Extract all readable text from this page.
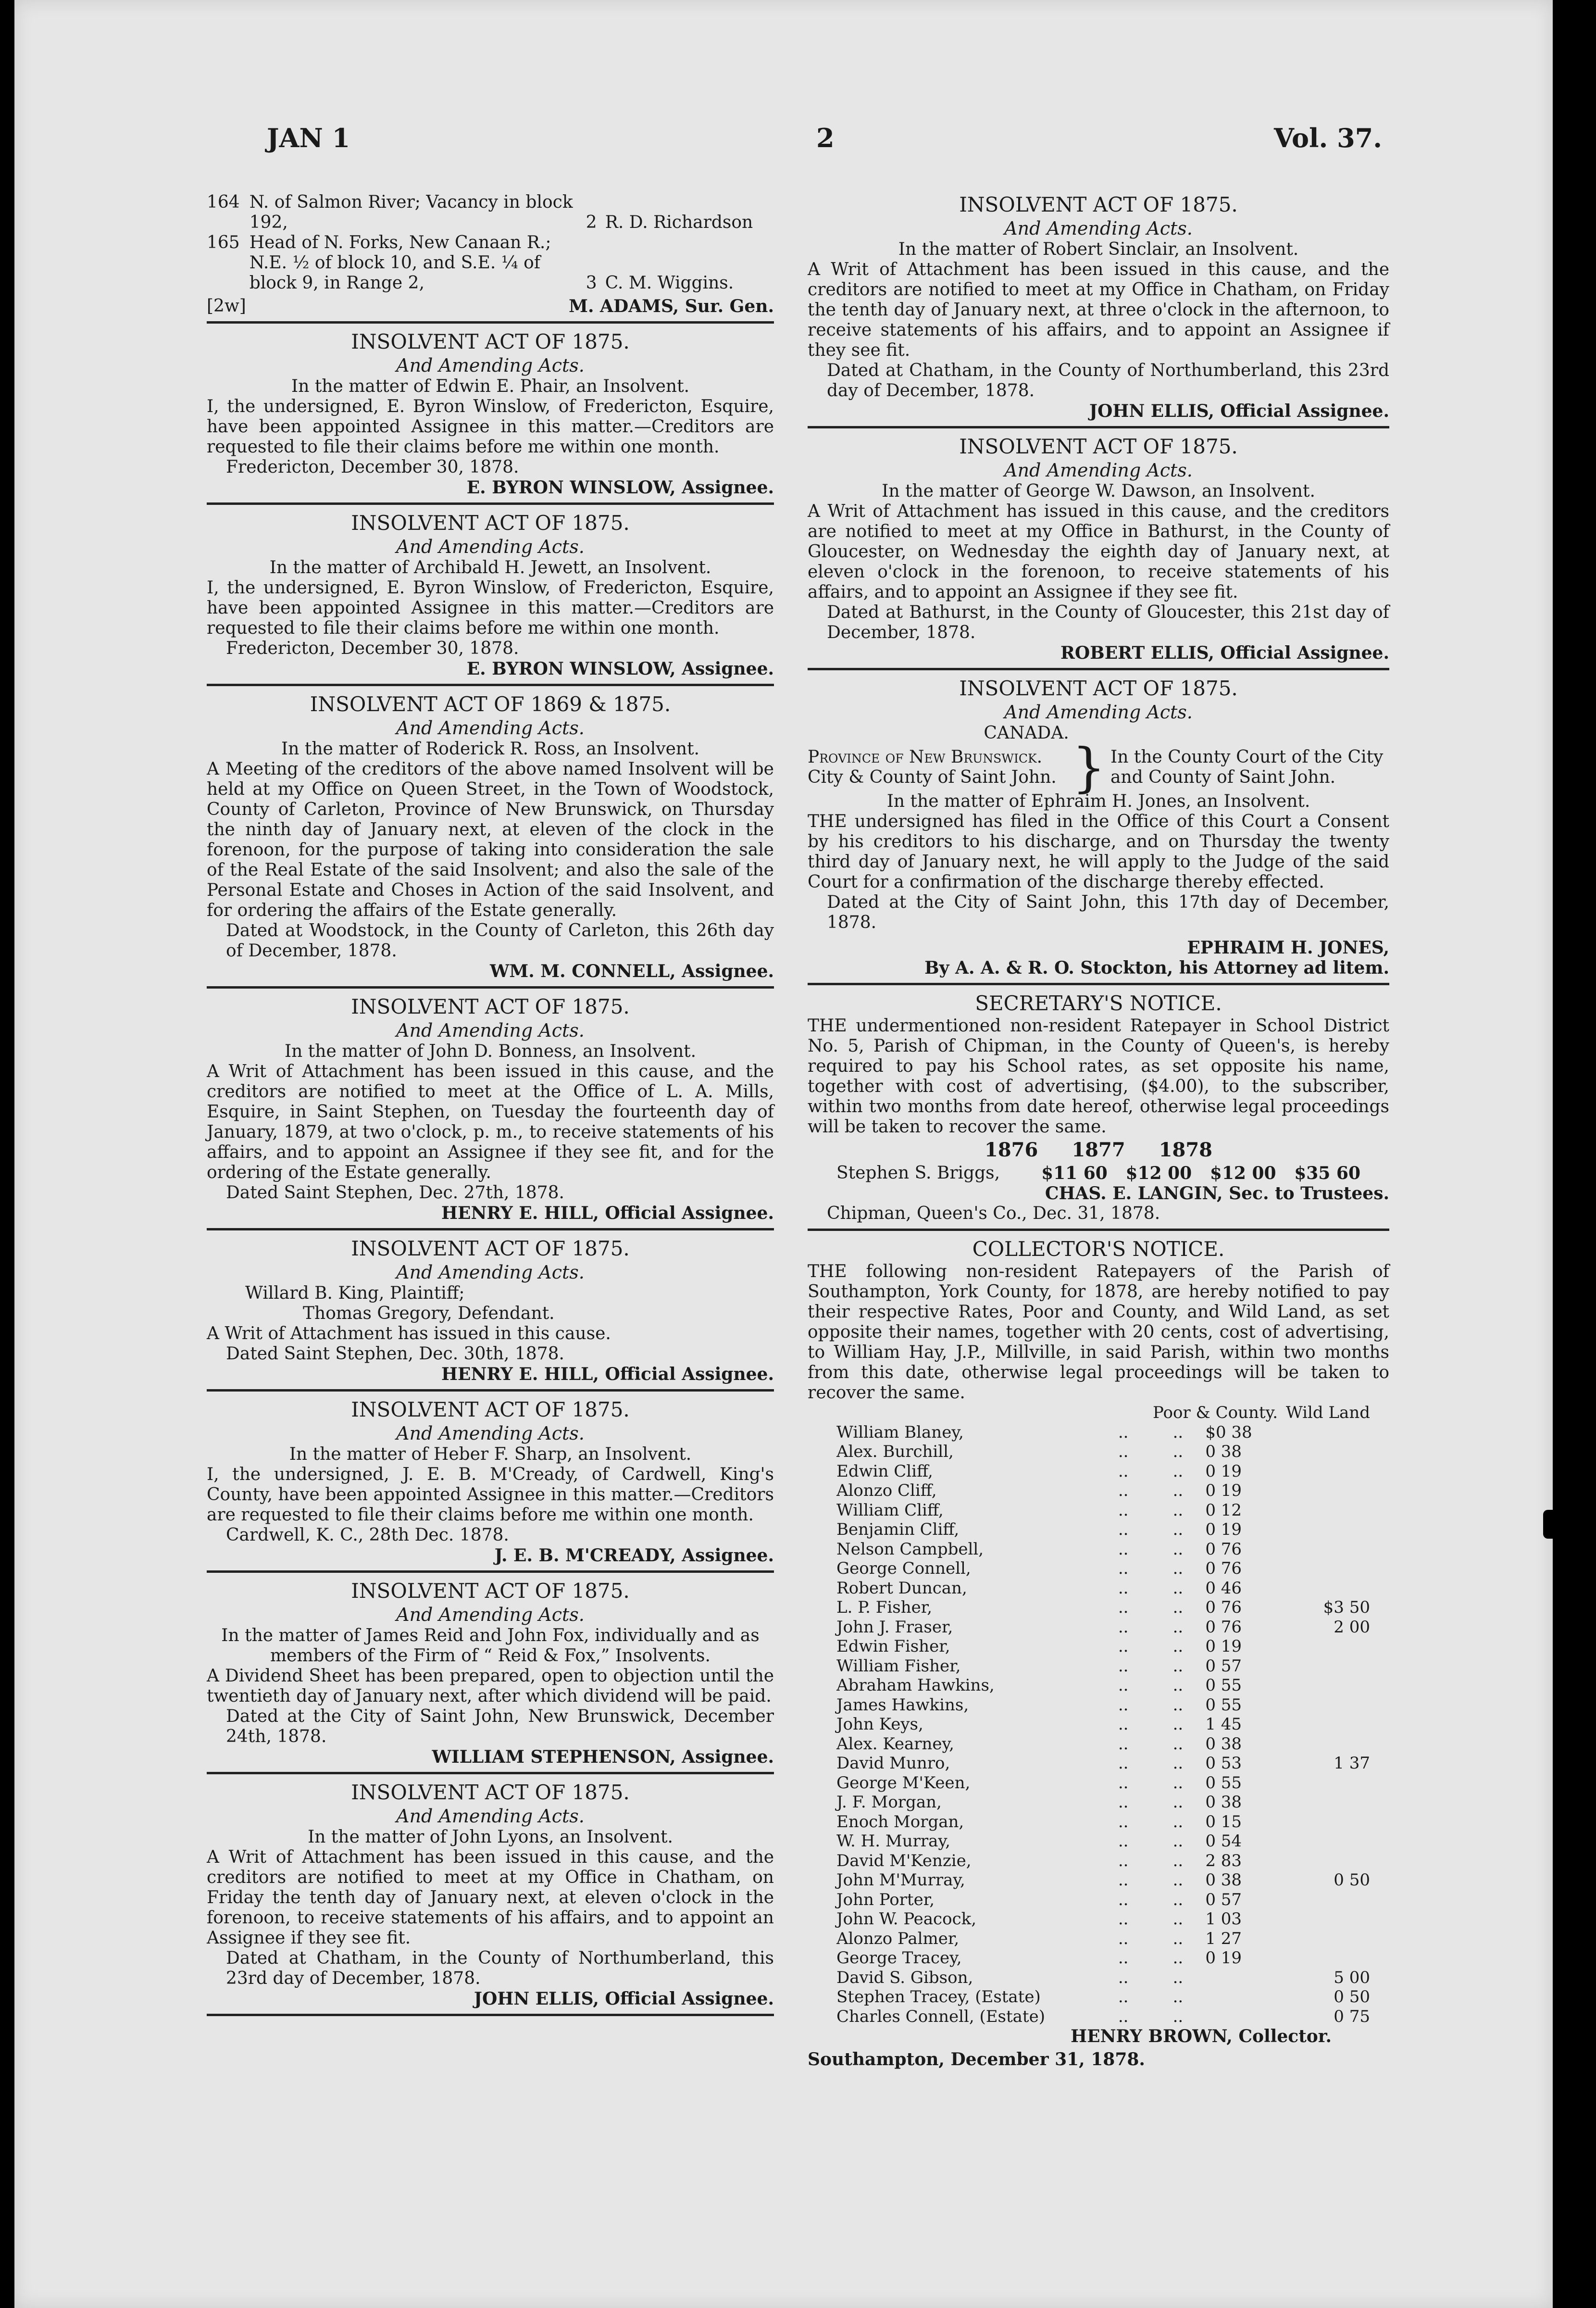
JAN 1	2	Vol. 37.
164	N. of Salmon River; Vacancy in block 192,	2	R. D. Richardson
165	Head of N. Forks, New Canaan R.; N.E. ½ of block 10, and S.E. ¼ of block 9, in Range 2,	3	C. M. Wiggins.
[2w]	M. ADAMS, Sur. Gen.

INSOLVENT ACT OF 1875.

And Amending Acts.

In the matter of Edwin E. Phair, an Insolvent.

I, the undersigned, E. Byron Winslow, of Fredericton, Esquire, have been appointed Assignee in this matter.—Creditors are requested to file their claims before me within one month.

Fredericton, December 30, 1878.

E. BYRON WINSLOW, Assignee.

INSOLVENT ACT OF 1875.

And Amending Acts.

In the matter of Archibald H. Jewett, an Insolvent.

I, the undersigned, E. Byron Winslow, of Fredericton, Esquire, have been appointed Assignee in this matter.—Creditors are requested to file their claims before me within one month.

Fredericton, December 30, 1878.

E. BYRON WINSLOW, Assignee.

INSOLVENT ACT OF 1869 & 1875.

And Amending Acts.

In the matter of Roderick R. Ross, an Insolvent.

A Meeting of the creditors of the above named Insolvent will be held at my Office on Queen Street, in the Town of Woodstock, County of Carleton, Province of New Brunswick, on Thursday the ninth day of January next, at eleven of the clock in the forenoon, for the purpose of taking into consideration the sale of the Real Estate of the said Insolvent; and also the sale of the Personal Estate and Choses in Action of the said Insolvent, and for ordering the affairs of the Estate generally.

Dated at Woodstock, in the County of Carleton, this 26th day of December, 1878.

WM. M. CONNELL, Assignee.

INSOLVENT ACT OF 1875.

And Amending Acts.

In the matter of John D. Bonness, an Insolvent.

A Writ of Attachment has been issued in this cause, and the creditors are notified to meet at the Office of L. A. Mills, Esquire, in Saint Stephen, on Tuesday the fourteenth day of January, 1879, at two o'clock, p. m., to receive statements of his affairs, and to appoint an Assignee if they see fit, and for the ordering of the Estate generally.

Dated Saint Stephen, Dec. 27th, 1878.

HENRY E. HILL, Official Assignee.

INSOLVENT ACT OF 1875.

And Amending Acts.

Willard B. King, Plaintiff;

Thomas Gregory, Defendant.

A Writ of Attachment has issued in this cause.

Dated Saint Stephen, Dec. 30th, 1878.

HENRY E. HILL, Official Assignee.

INSOLVENT ACT OF 1875.

And Amending Acts.

In the matter of Heber F. Sharp, an Insolvent.

I, the undersigned, J. E. B. M'Cready, of Cardwell, King's County, have been appointed Assignee in this matter.—Creditors are requested to file their claims before me within one month.

Cardwell, K. C., 28th Dec. 1878.

J. E. B. M'CREADY, Assignee.

INSOLVENT ACT OF 1875.

And Amending Acts.

In the matter of James Reid and John Fox, individually and as members of the Firm of “ Reid & Fox,” Insolvents.

A Dividend Sheet has been prepared, open to objection until the twentieth day of January next, after which dividend will be paid.

Dated at the City of Saint John, New Brunswick, December 24th, 1878.

WILLIAM STEPHENSON, Assignee.

INSOLVENT ACT OF 1875.

And Amending Acts.

In the matter of John Lyons, an Insolvent.

A Writ of Attachment has been issued in this cause, and the creditors are notified to meet at my Office in Chatham, on Friday the tenth day of January next, at eleven o'clock in the forenoon, to receive statements of his affairs, and to appoint an Assignee if they see fit.

Dated at Chatham, in the County of Northumberland, this 23rd day of December, 1878.

JOHN ELLIS, Official Assignee.

INSOLVENT ACT OF 1875.

And Amending Acts.

In the matter of Robert Sinclair, an Insolvent.

A Writ of Attachment has been issued in this cause, and the creditors are notified to meet at my Office in Chatham, on Friday the tenth day of January next, at three o'clock in the afternoon, to receive statements of his affairs, and to appoint an Assignee if they see fit.

Dated at Chatham, in the County of Northumberland, this 23rd day of December, 1878.

JOHN ELLIS, Official Assignee.

INSOLVENT ACT OF 1875.

And Amending Acts.

In the matter of George W. Dawson, an Insolvent.

A Writ of Attachment has issued in this cause, and the creditors are notified to meet at my Office in Bathurst, in the County of Gloucester, on Wednesday the eighth day of January next, at eleven o'clock in the forenoon, to receive statements of his affairs, and to appoint an Assignee if they see fit.

Dated at Bathurst, in the County of Gloucester, this 21st day of December, 1878.

ROBERT ELLIS, Official Assignee.

INSOLVENT ACT OF 1875.

And Amending Acts.

CANADA.

Province of New Brunswick.

City & County of Saint John. } In the County Court of the City

and County of Saint John.

In the matter of Ephraim H. Jones, an Insolvent.

THE undersigned has filed in the Office of this Court a Consent by his creditors to his discharge, and on Thursday the twenty third day of January next, he will apply to the Judge of the said Court for a confirmation of the discharge thereby effected.

Dated at the City of Saint John, this 17th day of December, 1878.

EPHRAIM H. JONES,

By A. A. & R. O. Stockton, his Attorney ad litem.

SECRETARY'S NOTICE.

THE undermentioned non-resident Ratepayer in School District No. 5, Parish of Chipman, in the County of Queen's, is hereby required to pay his School rates, as set opposite his name, together with cost of advertising, ($4.00), to the subscriber, within two months from date hereof, otherwise legal proceedings will be taken to recover the same.

1876 1877 1878
Stephen S. Briggs, $11 60   $12 00   $12 00   $35 60

CHAS. E. LANGIN, Sec. to Trustees.

Chipman, Queen's Co., Dec. 31, 1878.

COLLECTOR'S NOTICE.

THE following non-resident Ratepayers of the Parish of Southampton, York County, for 1878, are hereby notified to pay their respective Rates, Poor and County, and Wild Land, as set opposite their names, together with 20 cents, cost of advertising, to William Hay, J.P., Millville, in said Parish, within two months from this date, otherwise legal proceedings will be taken to recover the same.

		Poor & County.		Wild Land
William Blaney,	..	..	$0 38	
Alex. Burchill,	..	..	0 38	
Edwin Cliff,	..	..	0 19	
Alonzo Cliff,	..	..	0 19	
William Cliff,	..	..	0 12	
Benjamin Cliff,	..	..	0 19	
Nelson Campbell,	..	..	0 76	
George Connell,	..	..	0 76	
Robert Duncan,	..	..	0 46	
L. P. Fisher,	..	..	0 76	$3 50
John J. Fraser,	..	..	0 76	2 00
Edwin Fisher,	..	..	0 19	
William Fisher,	..	..	0 57	
Abraham Hawkins,	..	..	0 55	
James Hawkins,	..	..	0 55	
John Keys,	..	..	1 45	
Alex. Kearney,	..	..	0 38	
David Munro,	..	..	0 53	1 37
George M'Keen,	..	..	0 55	
J. F. Morgan,	..	..	0 38	
Enoch Morgan,	..	..	0 15	
W. H. Murray,	..	..	0 54	
David M'Kenzie,	..	..	2 83	
John M'Murray,	..	..	0 38	0 50
John Porter,	..	..	0 57	
John W. Peacock,	..	..	1 03	
Alonzo Palmer,	..	..	1 27	
George Tracey,	..	..	0 19	
David S. Gibson,	..	..		5 00
Stephen Tracey, (Estate)	..	..		0 50
Charles Connell, (Estate)	..	..		0 75

HENRY BROWN, Collector.

Southampton, December 31, 1878.
